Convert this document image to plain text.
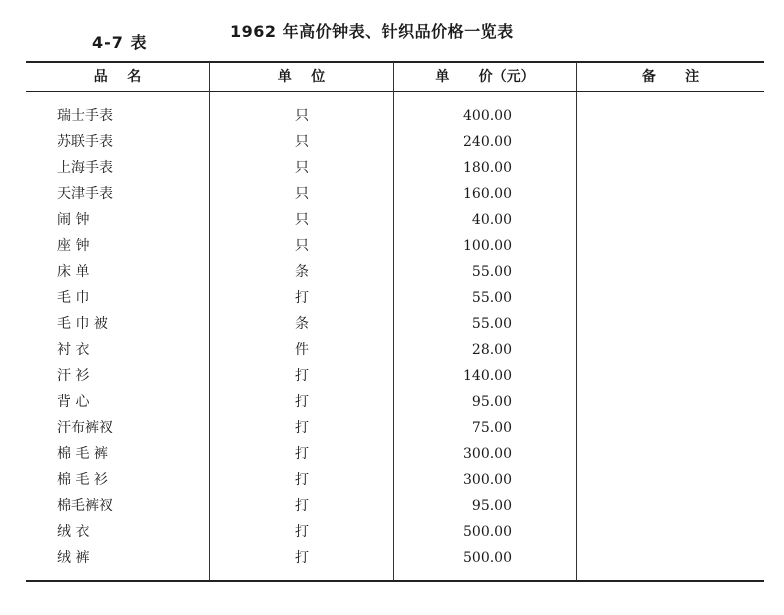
4-7 表
1962 年高价钟表、针织品价格一览表
品    名	单    位	单      价（元）	备      注
瑞士手表	只	400.00
苏联手表	只	240.00
上海手表	只	180.00
天津手表	只	160.00
闹 钟	只	40.00
座 钟	只	100.00
床 单	条	55.00
毛 巾	打	55.00
毛 巾 被	条	55.00
衬 衣	件	28.00
汗 衫	打	140.00
背 心	打	95.00
汗布裤衩	打	75.00
棉 毛 裤	打	300.00
棉 毛 衫	打	300.00
棉毛裤衩	打	95.00
绒 衣	打	500.00
绒 裤	打	500.00
